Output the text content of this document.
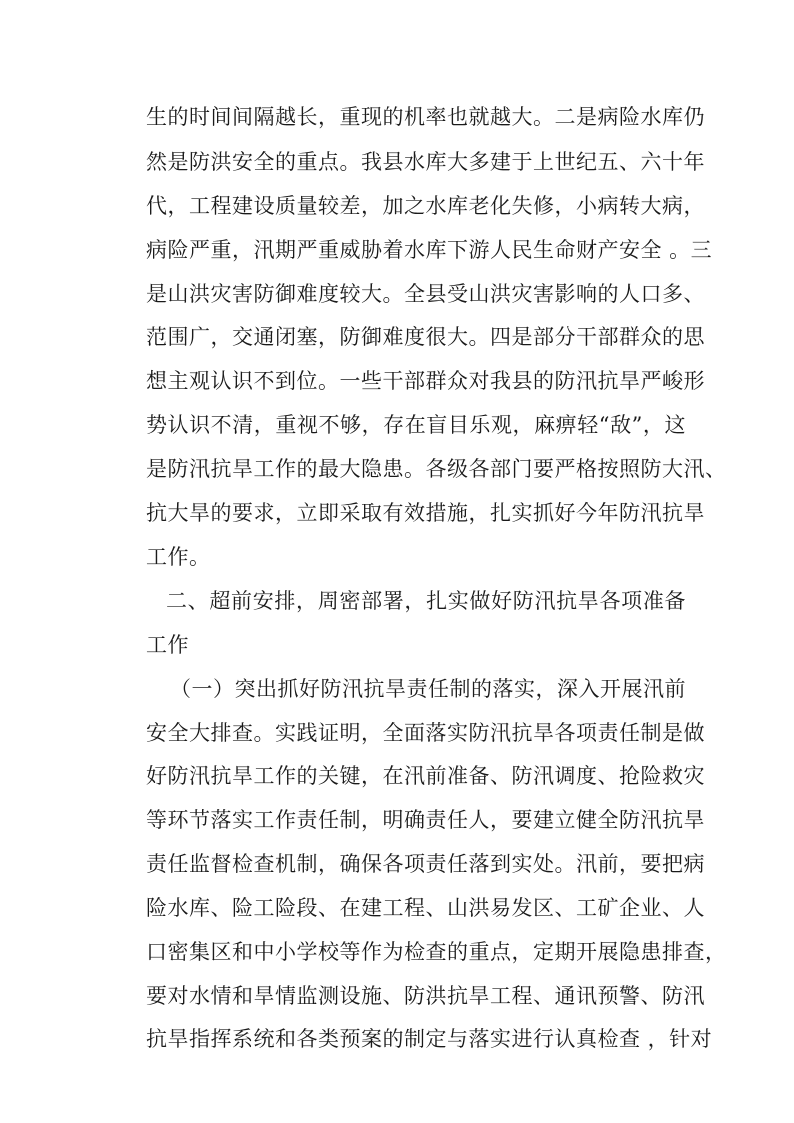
生的时间间隔越长，重现的机率也就越大。二是病险水库仍
然是防洪安全的重点。我县水库大多建于上世纪五、六十年
代，工程建设质量较差，加之水库老化失修，小病转大病，
病险严重，汛期严重威胁着水库下游人民生命财产安全 。三
是山洪灾害防御难度较大。全县受山洪灾害影响的人口多、
范围广，交通闭塞，防御难度很大。四是部分干部群众的思
想主观认识不到位。一些干部群众对我县的防汛抗旱严峻形
势认识不清，重视不够，存在盲目乐观，麻痹轻“敌”，这
是防汛抗旱工作的最大隐患。各级各部门要严格按照防大汛、
抗大旱的要求，立即采取有效措施，扎实抓好今年防汛抗旱
工作。
二、超前安排，周密部署，扎实做好防汛抗旱各项准备
工作
（一）突出抓好防汛抗旱责任制的落实，深入开展汛前
安全大排查。实践证明，全面落实防汛抗旱各项责任制是做
好防汛抗旱工作的关键，在汛前准备、防汛调度、抢险救灾
等环节落实工作责任制，明确责任人，要建立健全防汛抗旱
责任监督检查机制，确保各项责任落到实处。汛前，要把病
险水库、险工险段、在建工程、山洪易发区、工矿企业、人
口密集区和中小学校等作为检查的重点，定期开展隐患排查，
要对水情和旱情监测设施、防洪抗旱工程、通讯预警、防汛
抗旱指挥系统和各类预案的制定与落实进行认真检查 ，针对
